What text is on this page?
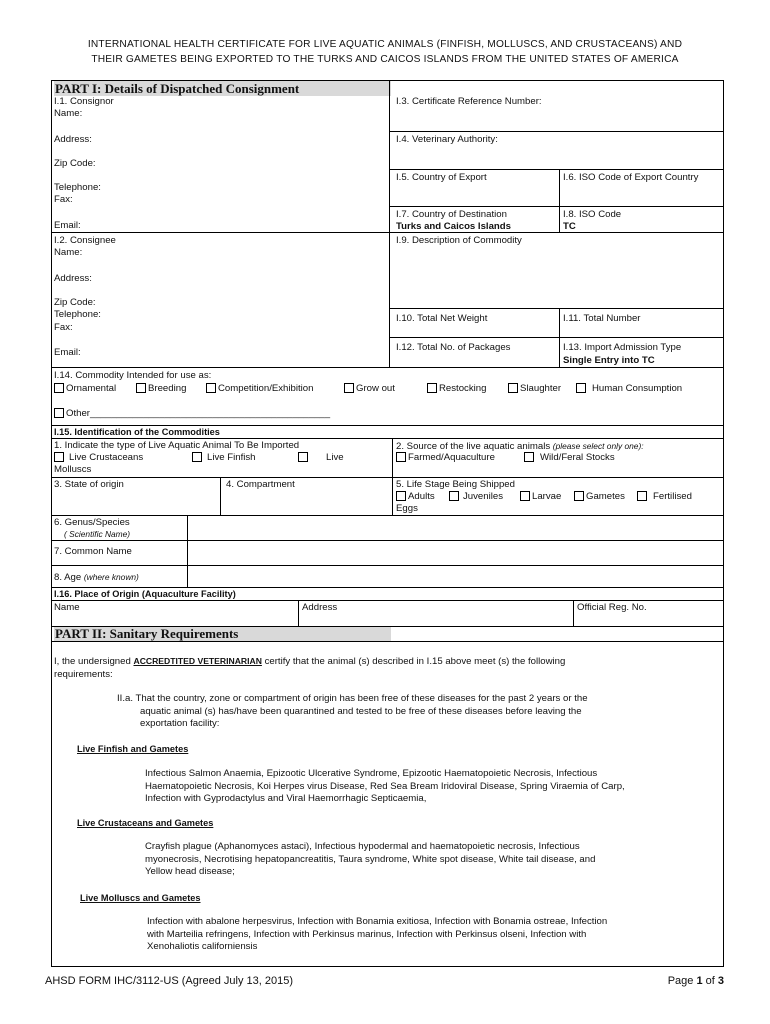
INTERNATIONAL HEALTH CERTIFICATE FOR LIVE AQUATIC ANIMALS (FINFISH, MOLLUSCS, AND CRUSTACEANS) AND
THEIR GAMETES BEING EXPORTED TO THE TURKS AND CAICOS ISLANDS FROM THE UNITED STATES OF AMERICA
PART I: Details of Dispatched Consignment
I.1. Consignor
Name:
Address:
Zip Code:
Telephone:
Fax:
Email:
I.3. Certificate Reference Number:
I.4. Veterinary Authority:
I.5. Country of Export	I.6. ISO Code of Export Country
I.7. Country of Destination
Turks and Caicos Islands
I.8. ISO Code
TC
I.2. Consignee
Name:
Address:
Zip Code:
Telephone:
Fax:
Email:
I.9. Description of Commodity
I.10. Total Net Weight	I.11. Total Number
I.12. Total No. of Packages	I.13. Import Admission Type
Single Entry into TC
I.14. Commodity Intended for use as:
Ornamental	Breeding	Competition/Exhibition	Grow out	Restocking	Slaughter	Human Consumption
Other_____________________________________________
I.15. Identification of the Commodities
1. Indicate the type of Live Aquatic Animal To Be Imported
Live Crustaceans	Live Finfish	Live
Molluscs
2. Source of the live aquatic animals (please select only one):
Farmed/Aquaculture	Wild/Feral Stocks
3. State of origin	4. Compartment	5. Life Stage Being Shipped
Adults	Juveniles	Larvae	Gametes	Fertilised
Eggs
6. Genus/Species
( Scientific Name)
7. Common Name
8. Age (where known)
I.16. Place of Origin (Aquaculture Facility)
Name	Address	Official Reg. No.
PART II: Sanitary Requirements
I, the undersigned ACCREDTITED VETERINARIAN certify that the animal (s) described in I.15 above meet (s) the following
requirements:
II.a. That the country, zone or compartment of origin has been free of these diseases for the past 2 years or the
aquatic animal (s) has/have been quarantined and tested to be free of these diseases before leaving the
exportation facility:
Live Finfish and Gametes
Infectious Salmon Anaemia, Epizootic Ulcerative Syndrome, Epizootic Haematopoietic Necrosis, Infectious
Haematopoietic Necrosis, Koi Herpes virus Disease, Red Sea Bream Iridoviral Disease, Spring Viraemia of Carp,
Infection with Gyprodactylus and Viral Haemorrhagic Septicaemia,
Live Crustaceans and Gametes
Crayfish plague (Aphanomyces astaci), Infectious hypodermal and haematopoietic necrosis, Infectious
myonecrosis, Necrotising hepatopancreatitis, Taura syndrome, White spot disease, White tail disease, and
Yellow head disease;
Live Molluscs and Gametes
Infection with abalone herpesvirus, Infection with Bonamia exitiosa, Infection with Bonamia ostreae, Infection
with Marteilia refringens, Infection with Perkinsus marinus, Infection with Perkinsus olseni, Infection with
Xenohaliotis californiensis
AHSD FORM IHC/3112-US (Agreed July 13, 2015)	Page 1 of 3
